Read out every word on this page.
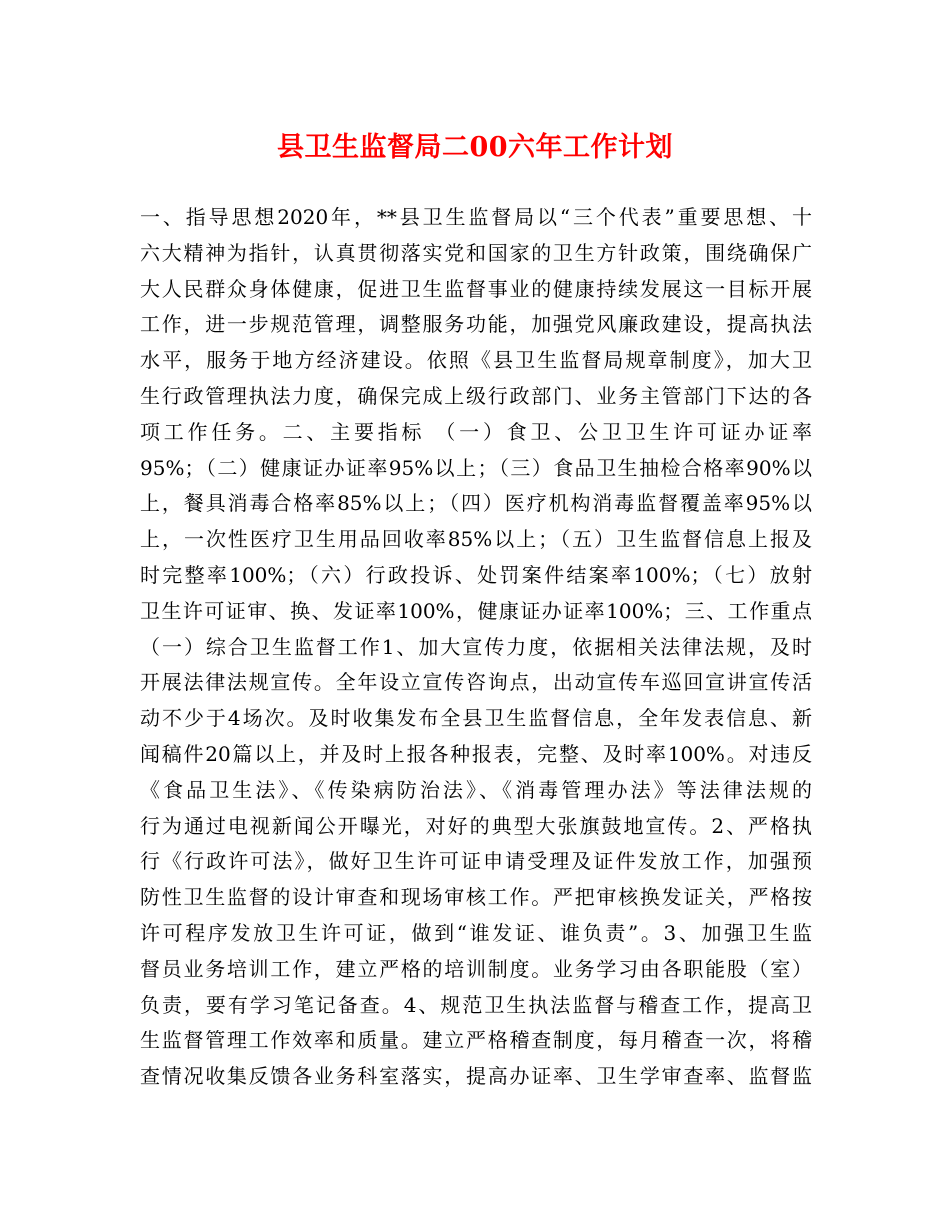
县卫生监督局二00六年工作计划
一、指导思想2020年，**县卫生监督局以“三个代表”重要思想、十
六大精神为指针，认真贯彻落实党和国家的卫生方针政策，围绕确保广
大人民群众身体健康，促进卫生监督事业的健康持续发展这一目标开展
工作，进一步规范管理，调整服务功能，加强党风廉政建设，提高执法
水平，服务于地方经济建设。依照《县卫生监督局规章制度》，加大卫
生行政管理执法力度，确保完成上级行政部门、业务主管部门下达的各
项工作任务。二、主要指标 （一）食卫、公卫卫生许可证办证率
95%；（二）健康证办证率95%以上；（三）食品卫生抽检合格率90%以
上，餐具消毒合格率85%以上；（四）医疗机构消毒监督覆盖率95%以
上，一次性医疗卫生用品回收率85%以上；（五）卫生监督信息上报及
时完整率100%；（六）行政投诉、处罚案件结案率100%；（七）放射
卫生许可证审、换、发证率100%，健康证办证率100%；三、工作重点
（一）综合卫生监督工作1、加大宣传力度，依据相关法律法规，及时
开展法律法规宣传。全年设立宣传咨询点，出动宣传车巡回宣讲宣传活
动不少于4场次。及时收集发布全县卫生监督信息，全年发表信息、新
闻稿件20篇以上，并及时上报各种报表，完整、及时率100%。对违反
《食品卫生法》、《传染病防治法》、《消毒管理办法》等法律法规的
行为通过电视新闻公开曝光，对好的典型大张旗鼓地宣传。2、严格执
行《行政许可法》，做好卫生许可证申请受理及证件发放工作，加强预
防性卫生监督的设计审查和现场审核工作。严把审核换发证关，严格按
许可程序发放卫生许可证，做到“谁发证、谁负责”。3、加强卫生监
督员业务培训工作，建立严格的培训制度。业务学习由各职能股（室）
负责，要有学习笔记备查。4、规范卫生执法监督与稽查工作，提高卫
生监督管理工作效率和质量。建立严格稽查制度，每月稽查一次，将稽
查情况收集反馈各业务科室落实，提高办证率、卫生学审查率、监督监
